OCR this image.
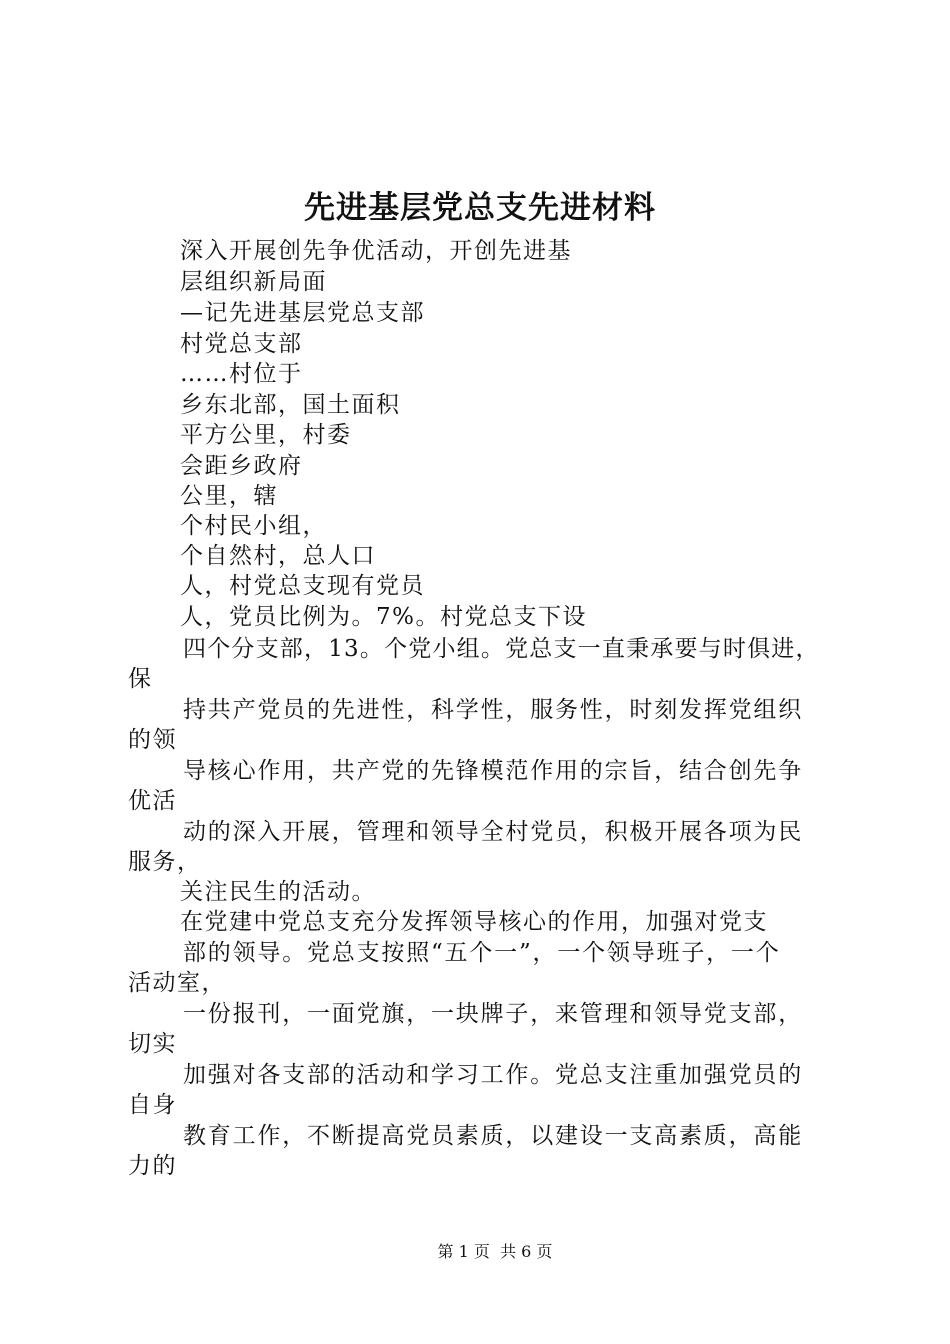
先进基层党总支先进材料
深入开展创先争优活动，开创先进基
层组织新局面
—记先进基层党总支部
村党总支部
……村位于
乡东北部，国土面积
平方公里，村委
会距乡政府
公里，辖
个村民小组，
个自然村，总人口
人，村党总支现有党员
人，党员比例为。7%。村党总支下设
四个分支部，13。个党小组。党总支一直秉承要与时俱进，
保
持共产党员的先进性，科学性，服务性，时刻发挥党组织
的领
导核心作用，共产党的先锋模范作用的宗旨，结合创先争
优活
动的深入开展，管理和领导全村党员，积极开展各项为民
服务，
关注民生的活动。
在党建中党总支充分发挥领导核心的作用，加强对党支
部的领导。党总支按照“五个一”，一个领导班子，一个
活动室，
一份报刊，一面党旗，一块牌子，来管理和领导党支部，
切实
加强对各支部的活动和学习工作。党总支注重加强党员的
自身
教育工作，不断提高党员素质，以建设一支高素质，高能
力的
第 1 页  共 6 页
